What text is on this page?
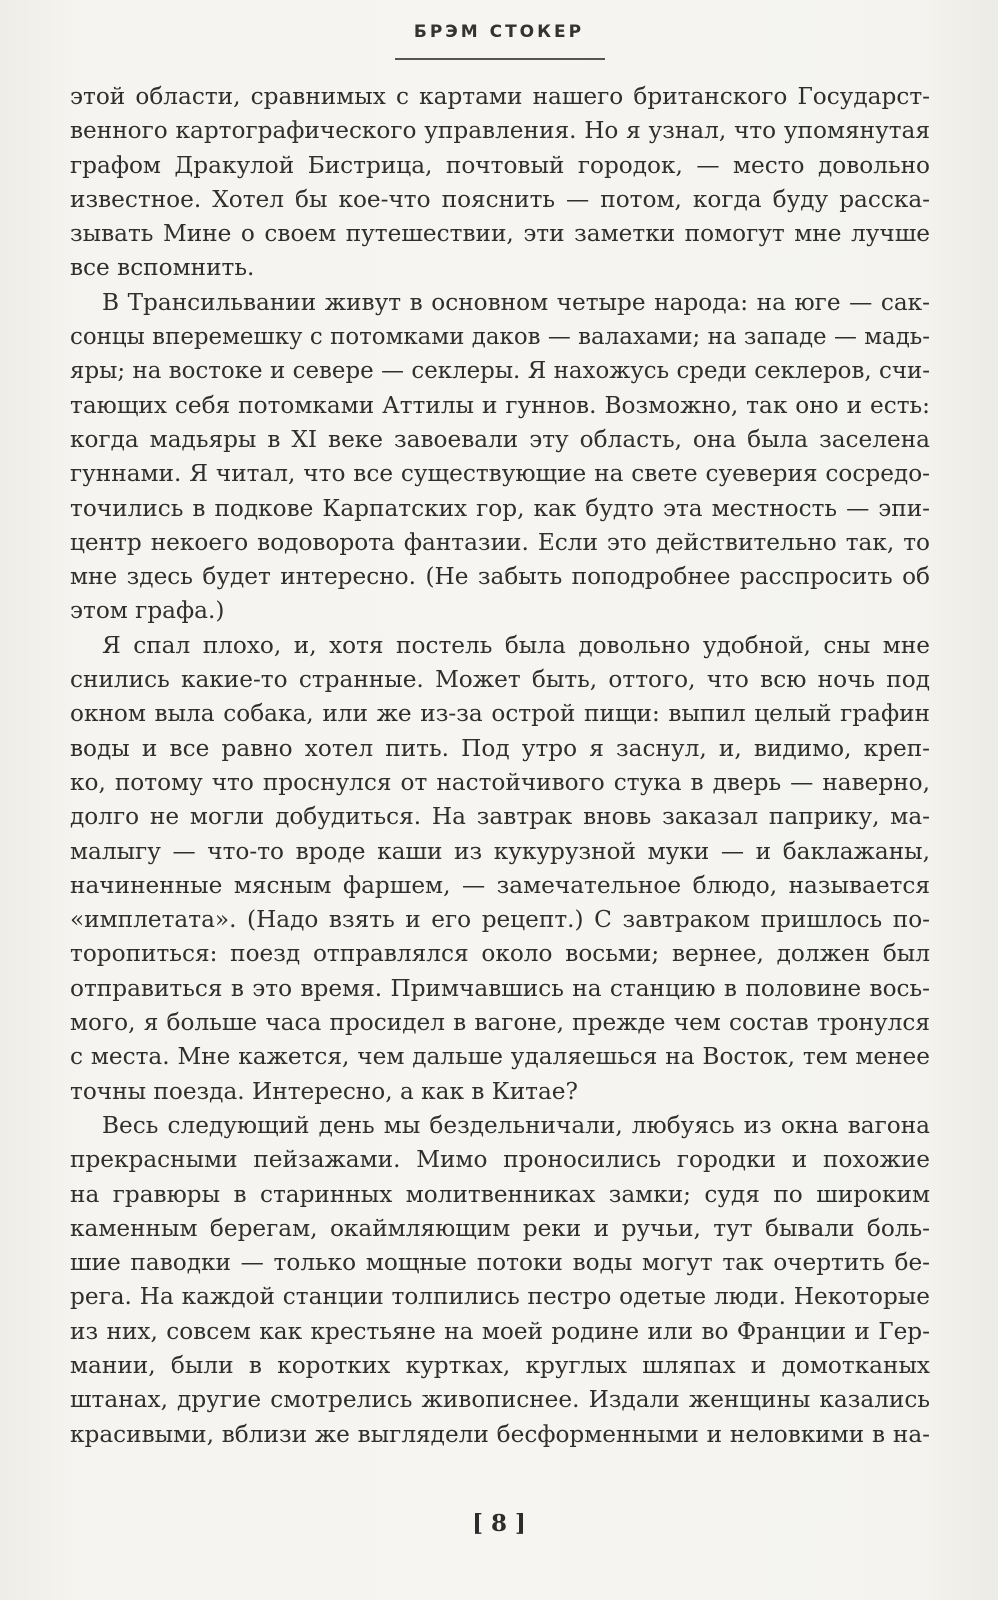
БРЭМ СТОКЕР
этой области, сравнимых с картами нашего британского Государст-
венного картографического управления. Но я узнал, что упомянутая
графом Дракулой Бистрица, почтовый городок, — место довольно
известное. Хотел бы кое-что пояснить — потом, когда буду расска-
зывать Мине о своем путешествии, эти заметки помогут мне лучше
все вспомнить.
В Трансильвании живут в основном четыре народа: на юге — сак-
сонцы вперемешку с потомками даков — валахами; на западе — мадь-
яры; на востоке и севере — секлеры. Я нахожусь среди секлеров, счи-
тающих себя потомками Аттилы и гуннов. Возможно, так оно и есть:
когда мадьяры в XI веке завоевали эту область, она была заселена
гуннами. Я читал, что все существующие на свете суеверия сосредо-
точились в подкове Карпатских гор, как будто эта местность — эпи-
центр некоего водоворота фантазии. Если это действительно так, то
мне здесь будет интересно. (Не забыть поподробнее расспросить об
этом графа.)
Я спал плохо, и, хотя постель была довольно удобной, сны мне
снились какие-то странные. Может быть, оттого, что всю ночь под
окном выла собака, или же из-за острой пищи: выпил целый графин
воды и все равно хотел пить. Под утро я заснул, и, видимо, креп-
ко, потому что проснулся от настойчивого стука в дверь — наверно,
долго не могли добудиться. На завтрак вновь заказал паприку, ма-
малыгу — что-то вроде каши из кукурузной муки — и баклажаны,
начиненные мясным фаршем, — замечательное блюдо, называется
«имплетата». (Надо взять и его рецепт.) С завтраком пришлось по-
торопиться: поезд отправлялся около восьми; вернее, должен был
отправиться в это время. Примчавшись на станцию в половине вось-
мого, я больше часа просидел в вагоне, прежде чем состав тронулся
с места. Мне кажется, чем дальше удаляешься на Восток, тем менее
точны поезда. Интересно, а как в Китае?
Весь следующий день мы бездельничали, любуясь из окна вагона
прекрасными пейзажами. Мимо проносились городки и похожие
на гравюры в старинных молитвенниках замки; судя по широким
каменным берегам, окаймляющим реки и ручьи, тут бывали боль-
шие паводки — только мощные потоки воды могут так очертить бе-
рега. На каждой станции толпились пестро одетые люди. Некоторые
из них, совсем как крестьяне на моей родине или во Франции и Гер-
мании, были в коротких куртках, круглых шляпах и домотканых
штанах, другие смотрелись живописнее. Издали женщины казались
красивыми, вблизи же выглядели бесформенными и неловкими в на-
[ 8 ]
